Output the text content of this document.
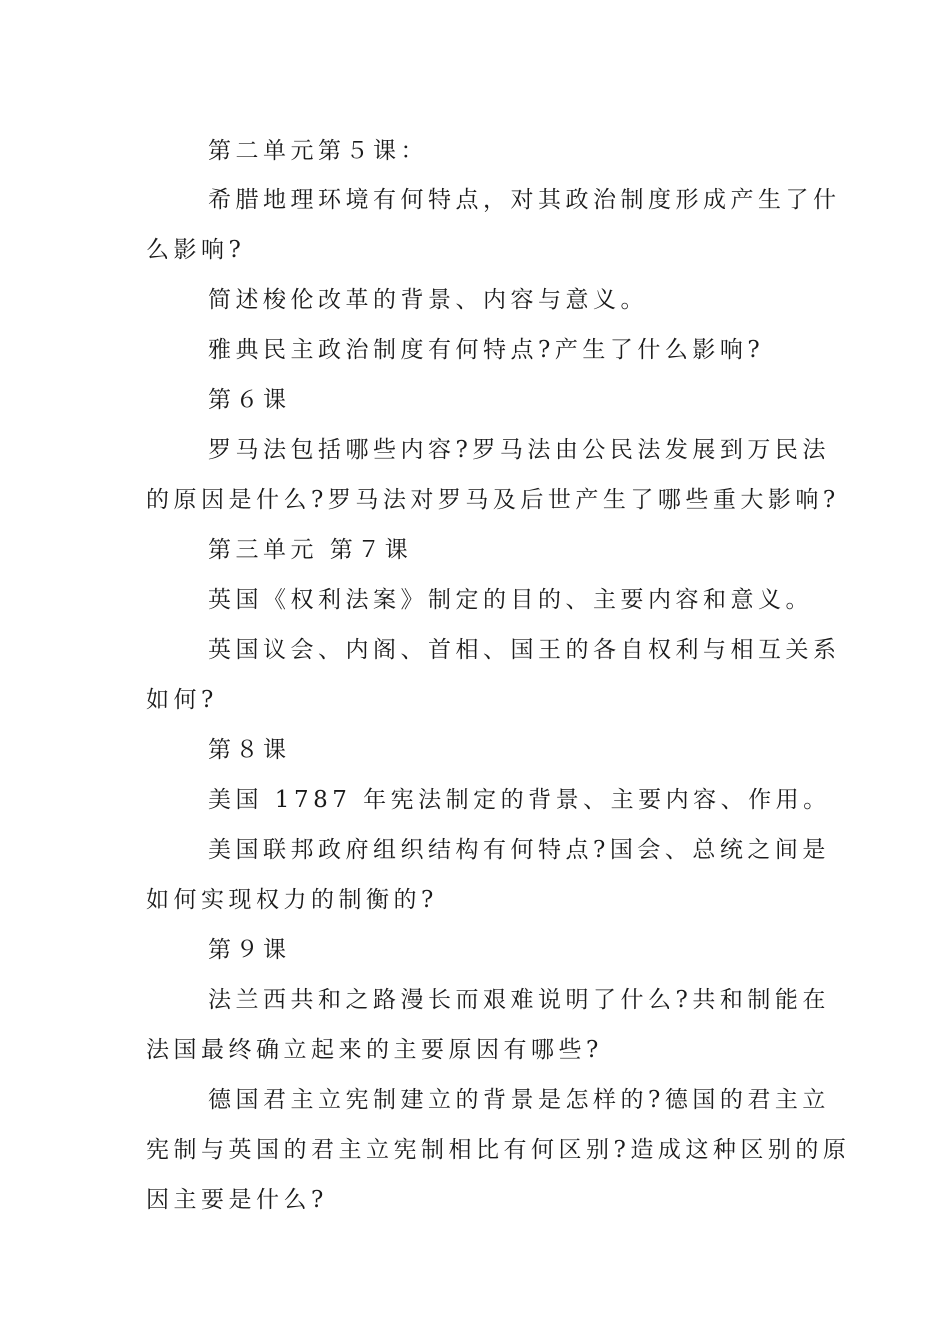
第二单元第５课：
希腊地理环境有何特点，对其政治制度形成产生了什
么影响?
简述梭伦改革的背景、内容与意义。
雅典民主政治制度有何特点?产生了什么影响?
第６课
罗马法包括哪些内容?罗马法由公民法发展到万民法
的原因是什么?罗马法对罗马及后世产生了哪些重大影响?
第三单元 第７课
英国《权利法案》制定的目的、主要内容和意义。
英国议会、内阁、首相、国王的各自权利与相互关系
如何?
第８课
美国 1787 年宪法制定的背景、主要内容、作用。
美国联邦政府组织结构有何特点?国会、总统之间是
如何实现权力的制衡的?
第９课
法兰西共和之路漫长而艰难说明了什么?共和制能在
法国最终确立起来的主要原因有哪些?
德国君主立宪制建立的背景是怎样的?德国的君主立
宪制与英国的君主立宪制相比有何区别?造成这种区别的原
因主要是什么?
